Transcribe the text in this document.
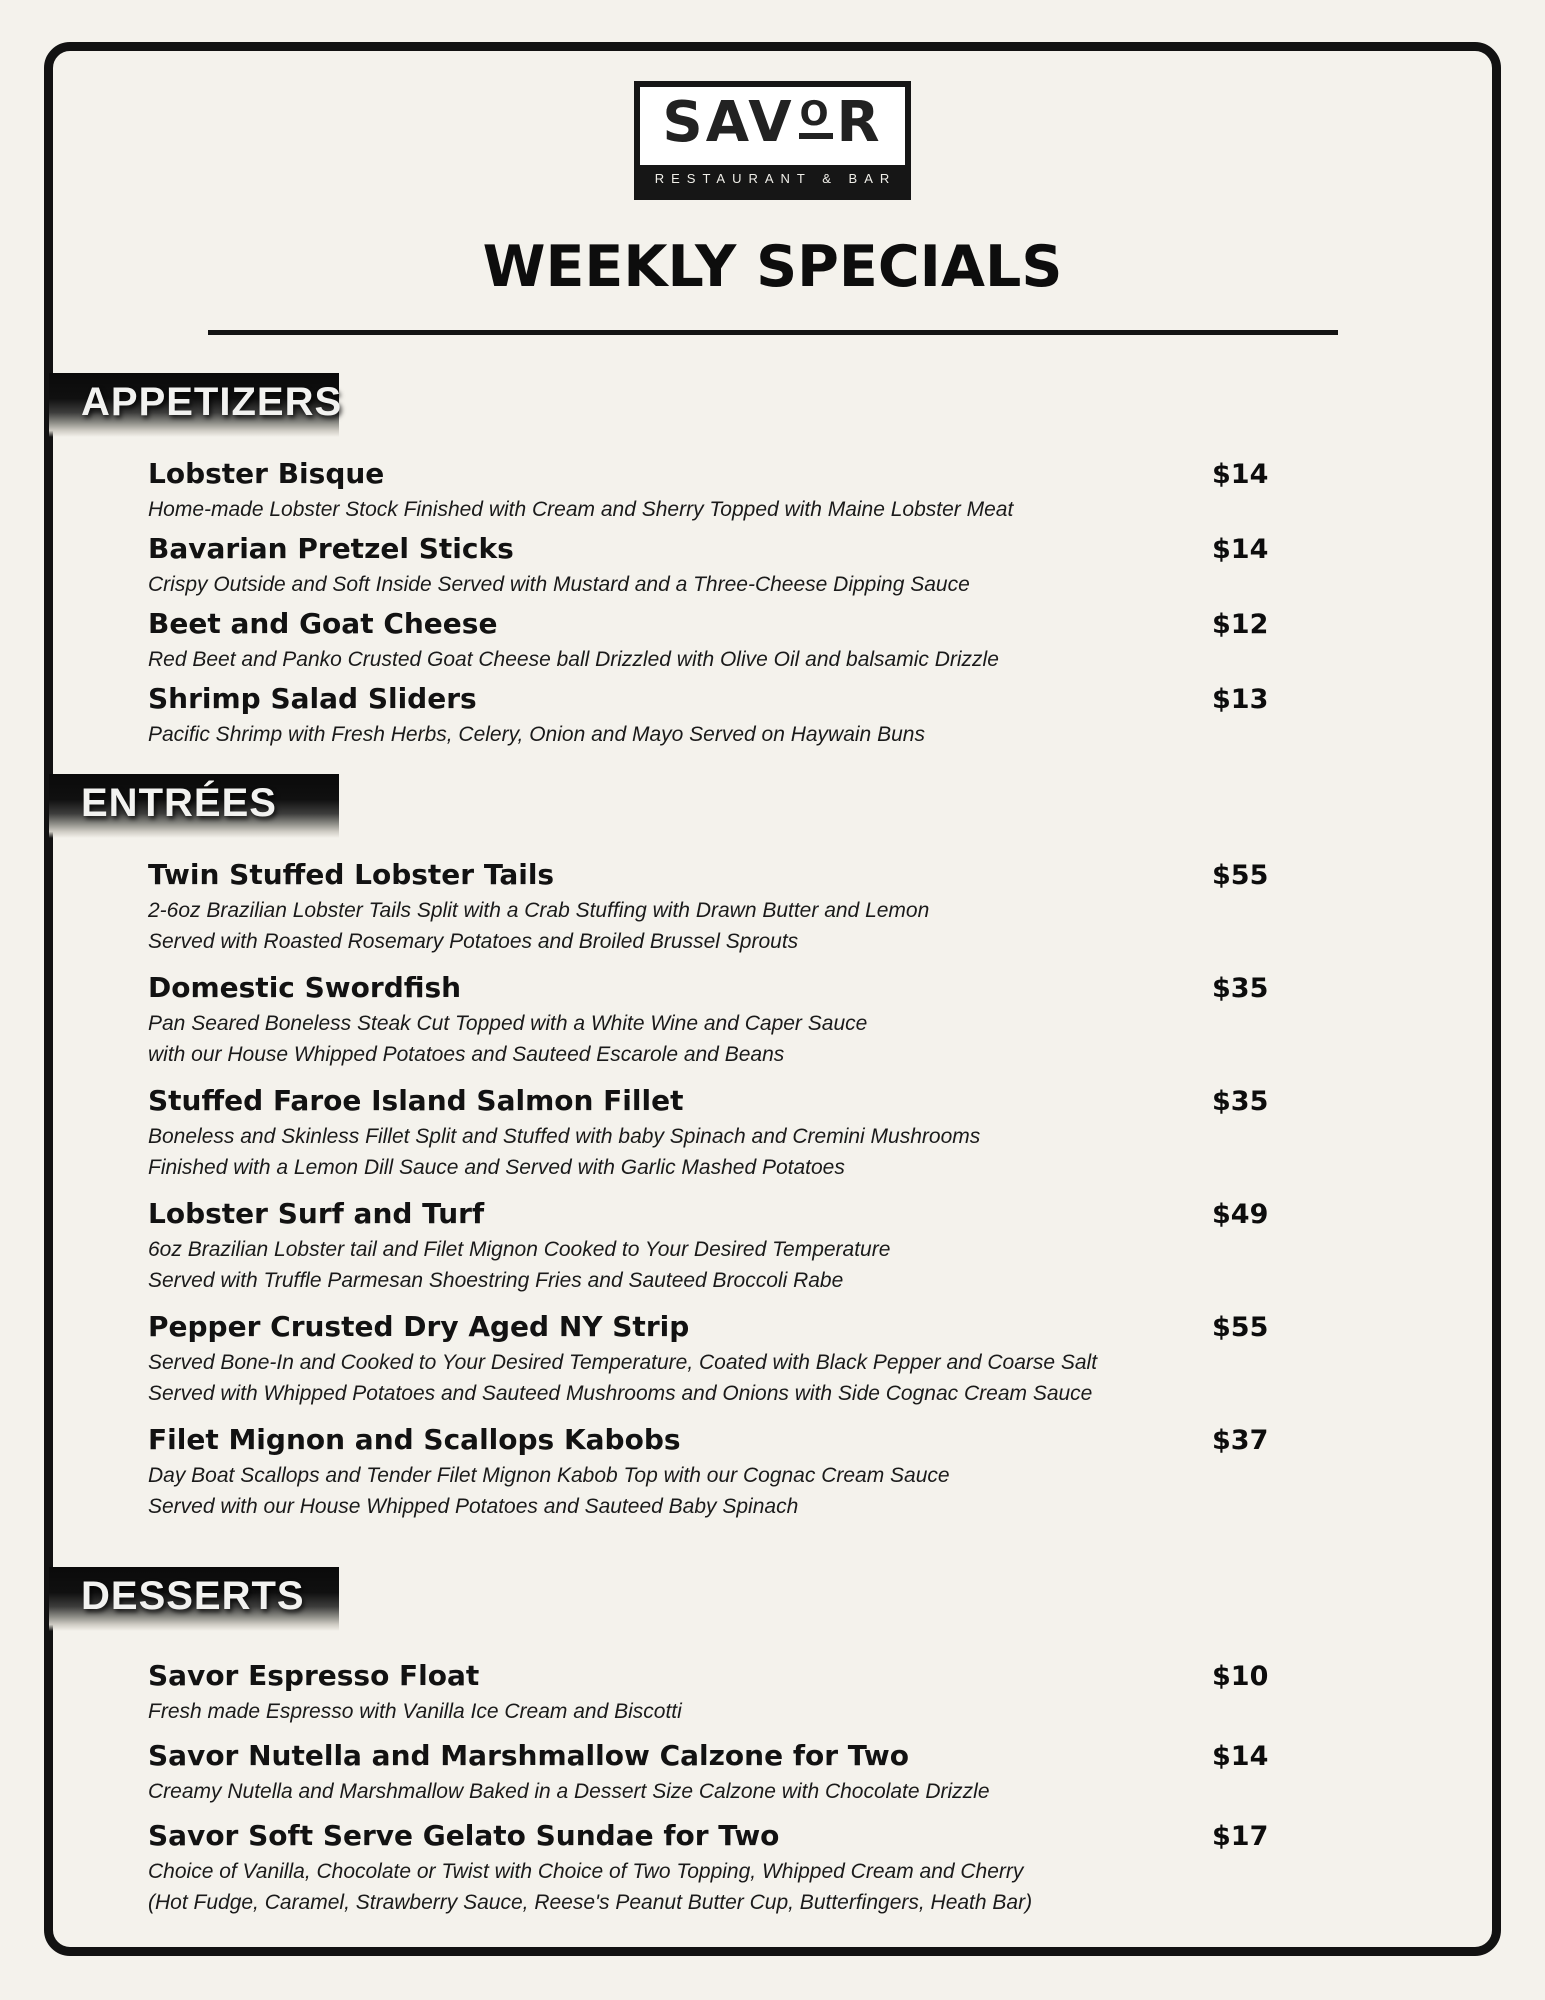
SAV OR
RESTAURANT & BAR
WEEKLY SPECIALS
APPETIZERS
Lobster Bisque
Home-made Lobster Stock Finished with Cream and Sherry Topped with Maine Lobster Meat
$14
Bavarian Pretzel Sticks
Crispy Outside and Soft Inside Served with Mustard and a Three-Cheese Dipping Sauce
$14
Beet and Goat Cheese
Red Beet and Panko Crusted Goat Cheese ball Drizzled with Olive Oil and balsamic Drizzle
$12
Shrimp Salad Sliders
Pacific Shrimp with Fresh Herbs, Celery, Onion and Mayo Served on Haywain Buns
$13
ENTRÉES
Twin Stuffed Lobster Tails
2-6oz Brazilian Lobster Tails Split with a Crab Stuffing with Drawn Butter and Lemon
Served with Roasted Rosemary Potatoes and Broiled Brussel Sprouts
$55
Domestic Swordfish
Pan Seared Boneless Steak Cut Topped with a White Wine and Caper Sauce
with our House Whipped Potatoes and Sauteed Escarole and Beans
$35
Stuffed Faroe Island Salmon Fillet
Boneless and Skinless Fillet Split and Stuffed with baby Spinach and Cremini Mushrooms
Finished with a Lemon Dill Sauce and Served with Garlic Mashed Potatoes
$35
Lobster Surf and Turf
6oz Brazilian Lobster tail and Filet Mignon Cooked to Your Desired Temperature
Served with Truffle Parmesan Shoestring Fries and Sauteed Broccoli Rabe
$49
Pepper Crusted Dry Aged NY Strip
Served Bone-In and Cooked to Your Desired Temperature, Coated with Black Pepper and Coarse Salt
Served with Whipped Potatoes and Sauteed Mushrooms and Onions with Side Cognac Cream Sauce
$55
Filet Mignon and Scallops Kabobs
Day Boat Scallops and Tender Filet Mignon Kabob Top with our Cognac Cream Sauce
Served with our House Whipped Potatoes and Sauteed Baby Spinach
$37
DESSERTS
Savor Espresso Float
Fresh made Espresso with Vanilla Ice Cream and Biscotti
$10
Savor Nutella and Marshmallow Calzone for Two
Creamy Nutella and Marshmallow Baked in a Dessert Size Calzone with Chocolate Drizzle
$14
Savor Soft Serve Gelato Sundae for Two
Choice of Vanilla, Chocolate or Twist with Choice of Two Topping, Whipped Cream and Cherry
(Hot Fudge, Caramel, Strawberry Sauce, Reese's Peanut Butter Cup, Butterfingers, Heath Bar)
$17
